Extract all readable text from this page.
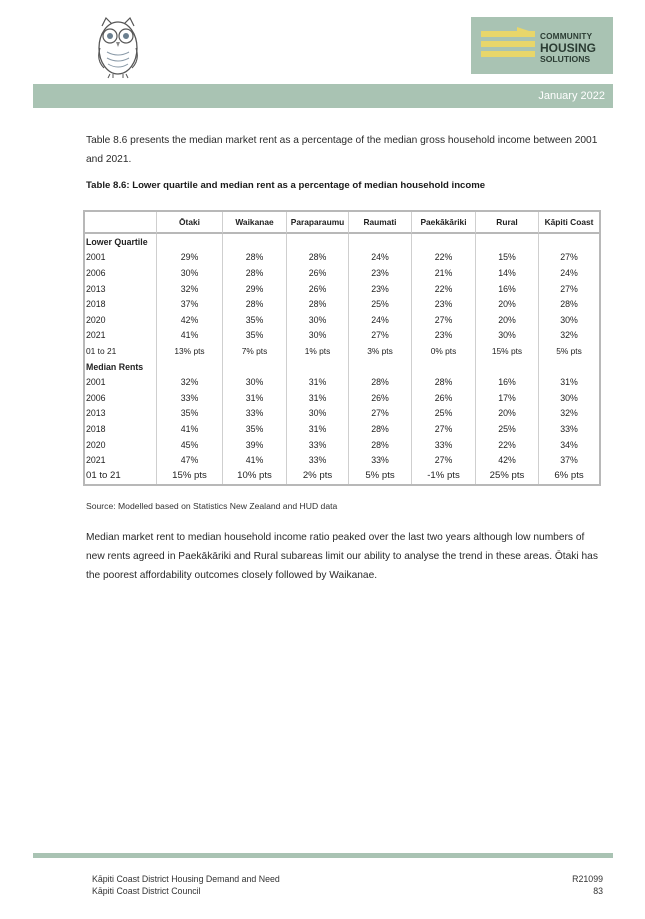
COMMUNITY
HOUSING
SOLUTIONS
January 2022

Table 8.6 presents the median market rent as a percentage of the median gross household income between 2001 and 2021.

Table 8.6: Lower quartile and median rent as a percentage of median household income
	Ōtaki	Waikanae	Paraparaumu	Raumati	Paekākāriki	Rural	Kāpiti Coast
Lower Quartile							
2001	29%	28%	28%	24%	22%	15%	27%
2006	30%	28%	26%	23%	21%	14%	24%
2013	32%	29%	26%	23%	22%	16%	27%
2018	37%	28%	28%	25%	23%	20%	28%
2020	42%	35%	30%	24%	27%	20%	30%
2021	41%	35%	30%	27%	23%	30%	32%
01 to 21	13% pts	7% pts	1% pts	3% pts	0% pts	15% pts	5% pts
Median Rents							
2001	32%	30%	31%	28%	28%	16%	31%
2006	33%	31%	31%	26%	26%	17%	30%
2013	35%	33%	30%	27%	25%	20%	32%
2018	41%	35%	31%	28%	27%	25%	33%
2020	45%	39%	33%	28%	33%	22%	34%
2021	47%	41%	33%	33%	27%	42%	37%
01 to 21	15% pts	10% pts	2% pts	5% pts	-1% pts	25% pts	6% pts
Source: Modelled based on Statistics New Zealand and HUD data

Median market rent to median household income ratio peaked over the last two years although low numbers of new rents agreed in Paekākāriki and Rural subareas limit our ability to analyse the trend in these areas. Ōtaki has the poorest affordability outcomes closely followed by Waikanae.

Kāpiti Coast District Housing Demand and Need
Kāpiti Coast District Council
R21099
83
